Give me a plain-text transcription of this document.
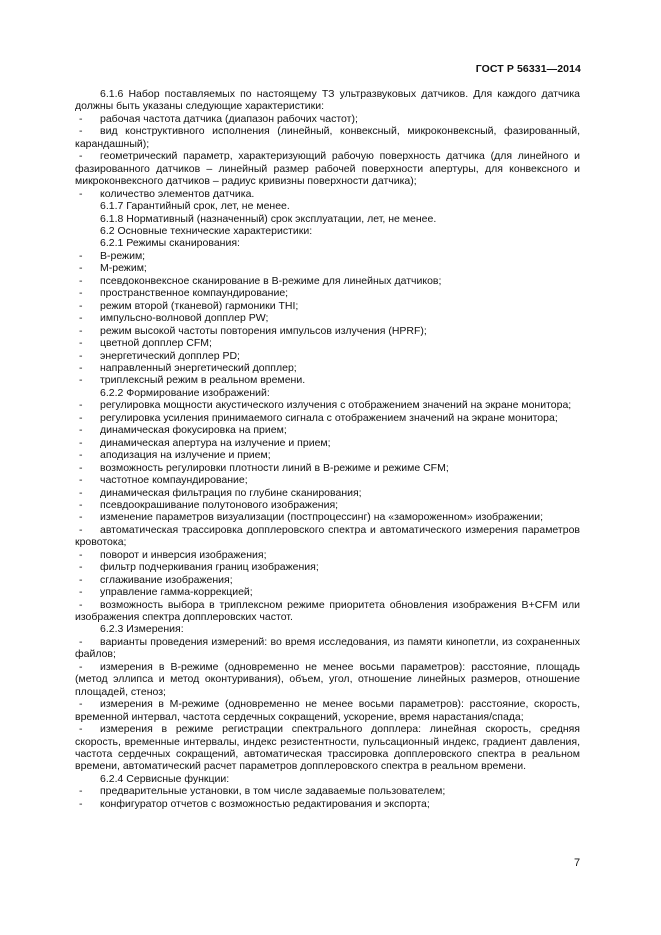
ГОСТ Р 56331—2014
6.1.6 Набор поставляемых по настоящему ТЗ ультразвуковых датчиков. Для каждого датчика должны быть указаны следующие характеристики:
- рабочая частота датчика (диапазон рабочих частот);
- вид конструктивного исполнения (линейный, конвексный, микроконвексный, фазированный, карандашный);
- геометрический параметр, характеризующий рабочую поверхность датчика (для линейного и фазированного датчиков – линейный размер рабочей поверхности апертуры, для конвексного и микроконвексного датчиков – радиус кривизны поверхности датчика);
- количество элементов датчика.
6.1.7 Гарантийный срок, лет, не менее.
6.1.8 Нормативный (назначенный) срок эксплуатации, лет, не менее.
6.2 Основные технические характеристики:
6.2.1 Режимы сканирования:
- В-режим;
- М-режим;
- псевдоконвексное сканирование в В-режиме для линейных датчиков;
- пространственное компаундирование;
- режим второй (тканевой) гармоники THI;
- импульсно-волновой допплер PW;
- режим высокой частоты повторения импульсов излучения (HPRF);
- цветной допплер CFM;
- энергетический допплер PD;
- направленный энергетический допплер;
- триплексный режим в реальном времени.
6.2.2 Формирование изображений:
- регулировка мощности акустического излучения с отображением значений на экране монитора;
- регулировка усиления принимаемого сигнала с отображением значений на экране монитора;
- динамическая фокусировка на прием;
- динамическая апертура на излучение и прием;
- аподизация на излучение и прием;
- возможность регулировки плотности линий в В-режиме и режиме CFM;
- частотное компаундирование;
- динамическая фильтрация по глубине сканирования;
- псевдоокрашивание полутонового изображения;
- изменение параметров визуализации (постпроцессинг) на «замороженном» изображении;
- автоматическая трассировка допплеровского спектра и автоматического измерения параметров кровотока;
- поворот и инверсия изображения;
- фильтр подчеркивания границ изображения;
- сглаживание изображения;
- управление гамма-коррекцией;
- возможность выбора в триплексном режиме приоритета обновления изображения В+CFM или изображения спектра допплеровских частот.
6.2.3 Измерения:
- варианты проведения измерений: во время исследования, из памяти кинопетли, из сохраненных файлов;
- измерения в В-режиме (одновременно не менее восьми параметров): расстояние, площадь (метод эллипса и метод оконтуривания), объем, угол, отношение линейных размеров, отношение площадей, стеноз;
- измерения в М-режиме (одновременно не менее восьми параметров): расстояние, скорость, временной интервал, частота сердечных сокращений, ускорение, время нарастания/спада;
- измерения в режиме регистрации спектрального допплера: линейная скорость, средняя скорость, временные интервалы, индекс резистентности, пульсационный индекс, градиент давления, частота сердечных сокращений, автоматическая трассировка допплеровского спектра в реальном времени, автоматический расчет параметров допплеровского спектра в реальном времени.
6.2.4 Сервисные функции:
- предварительные установки, в том числе задаваемые пользователем;
- конфигуратор отчетов с возможностью редактирования и экспорта;
7
